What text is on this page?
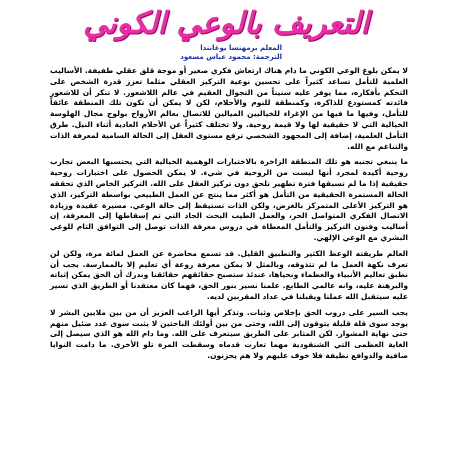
التعريف بالوعي الكوني
المعلم برمهنسا يوغانندا
الترجمة: محمود عباس مسعود

لا يمكن بلوغ الوعي الكوني ما دام هناك ارتعاش فكري صغير أو موجة قلق عقلي طفيفة. الأساليب العلمية للتأمل تساعد كثيراً على تحسين نوعية التركيز العقلي مثلما تعزز قدرة الشخص على التحكم بأفكاره، مما يوفر عليه سنيناً من التجوال العقيم في عالم اللاشعور. لا تنكر أن للاشعور فائدته كمستودع للذاكرة، وكمنطقة للنوم والأحلام، لكن لا يمكن أن تكون تلك المنطقة عائقاً للتأمل، وفيها ما فيها من الإغراء للخياليين الميالين للاتصال بعالم الأرواح بولوج مجال الهلوسة الخيالية التي لا حقيقية لها ولا قيمة روحية. ولا تختلف كثيراً عن الأحلام العادية أثناء النيل. طرق التأمل العلمية، إضافة إلى المجهود الشخصي ترفع مستوى العقل إلى الحالة السامية لمعرفة الذات والتناغم مع الله.

ما ينبغي تجنبه هو تلك المنطقة الزاخرة بالاختبارات الوهمية الخيالية التي يحتسبها البعض تجارب روحية أكيدة لمجرد أنها ليست من الروحية في شيء. لا يمكن الحصول على اختبارات روحية حقيقية إذا ما لم تسبقها فترة تطهير تلحق دون تركيز العقل على الله. التركيز الخاص الذي تحققه الحالة المستمرة الحقيقية من التأمل هو أكثر مما ينتج عن العمل الطبيعي بواسطة التركيز، الذي هو التركيز الأعلى المتمركز بالغرض، ولكن الذات تستيقظ إلى حالة الوعي. مسيرة عقيدة وزيادة الاتصال الفكري المتواصل الحر، والعمل الطيب البحث الجاد التي تم إسقاطها إلى المعرفة، إن أساليب وفنون التركيز والتأمل المعطاة في دروس معرفة الذات توصل إلى التوافق التام للوعي البشري مع الوعي الإلهي.

العالم طريقته الوعظ الكثير والتطبيق القليل. قد تسمع محاضرة عن العمل لمائة مرة، ولكن لن تعرف نكهة العمل ما لم تتذوقه، وبالمثل لا يمكن معرفة روعة أي تعليم إلا بالممارسة. يجب أن نطبق تعاليم الأنبياء والعظماء ونحياها، عندئذ ستصبح حقائقهم حقائقنا وندرك أن الحق يمكن إثباته والبرهنة عليه، وانه عالمي الطابع. علمنا نسير بنور الحق، فهما كان معتقدنا أو الطريق الذي تسير عليه سيتقبل الله عملنا ويقبلنا في عداد المقربين لديه.

يجب السير على دروب الحق بإخلاص وثبات. وتذكر أيها الراغب العزيز أن من بين ملايين البشر لا يوجد سوى قلة قليلة يتوقون إلى الله، وحتى من بين أولئك الباحثين لا يثبت سوى عدد ضئيل منهم حتى نهاية المشوار. لكن المثابر على الطريق سيتعرف على الله. وما دام الله هو الذي سيصل إلى الغاية العظمى التي الشنقودية مهما تعارت قدماه وسقطت المرة تلو الأخرى. ما دامت النوايا صافية والدوافع نظيفة فلا خوف عليهم ولا هم يحزنون.
